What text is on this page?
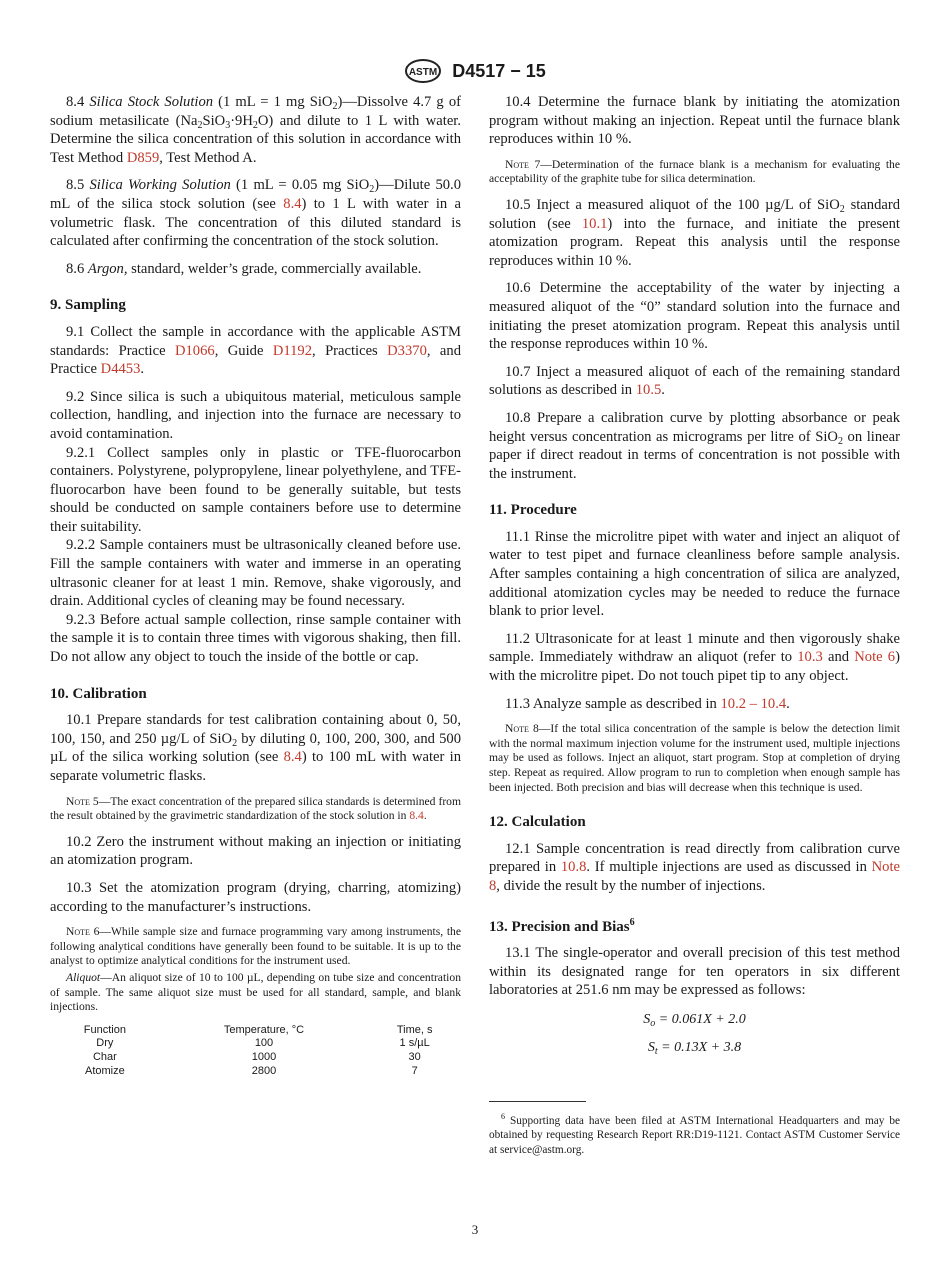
ASTM D4517 − 15

8.4 Silica Stock Solution (1 mL = 1 mg SiO$_2$)—Dissolve 4.7 g of sodium metasilicate $(Na_2SiO_3\cdot 9H_2O)$ and dilute to 1 L with water. Determine the silica concentration of this solution in accordance with Test Method D859, Test Method A.

8.5 Silica Working Solution (1 mL = 0.05 mg SiO$_2$)—Dilute 50.0 mL of the silica stock solution (see 8.4) to 1 L with water in a volumetric flask. The concentration of this diluted standard is calculated after confirming the concentration of the stock solution.

8.6 Argon, standard, welder’s grade, commercially available.

9. Sampling

9.1 Collect the sample in accordance with the applicable ASTM standards: Practice D1066, Guide D1192, Practices D3370, and Practice D4453.

9.2 Since silica is such a ubiquitous material, meticulous sample collection, handling, and injection into the furnace are necessary to avoid contamination.

9.2.1 Collect samples only in plastic or TFE-fluorocarbon containers. Polystyrene, polypropylene, linear polyethylene, and TFE-fluorocarbon have been found to be generally suitable, but tests should be conducted on sample containers before use to determine their suitability.

9.2.2 Sample containers must be ultrasonically cleaned before use. Fill the sample containers with water and immerse in an operating ultrasonic cleaner for at least 1 min. Remove, shake vigorously, and drain. Additional cycles of cleaning may be found necessary.

9.2.3 Before actual sample collection, rinse sample container with the sample it is to contain three times with vigorous shaking, then fill. Do not allow any object to touch the inside of the bottle or cap.

10. Calibration

10.1 Prepare standards for test calibration containing about 0, 50, 100, 150, and 250 µg/L of SiO$_2$ by diluting 0, 100, 200, 300, and 500 µL of the silica working solution (see 8.4) to 100 mL with water in separate volumetric flasks.

Note 5—The exact concentration of the prepared silica standards is determined from the result obtained by the gravimetric standardization of the stock solution in 8.4.

10.2 Zero the instrument without making an injection or initiating an atomization program.

10.3 Set the atomization program (drying, charring, atomizing) according to the manufacturer’s instructions.

Note 6—While sample size and furnace programming vary among instruments, the following analytical conditions have generally been found to be suitable. It is up to the analyst to optimize analytical conditions for the instrument used.
Aliquot—An aliquot size of 10 to 100 µL, depending on tube size and concentration of sample. The same aliquot size must be used for all standard, sample, and blank injections.
Function	Temperature, °C	Time, s
Dry	100	1 s/µL
Char	1000	30
Atomize	2800	7

10.4 Determine the furnace blank by initiating the atomization program without making an injection. Repeat until the furnace blank reproduces within 10 %.

Note 7—Determination of the furnace blank is a mechanism for evaluating the acceptability of the graphite tube for silica determination.

10.5 Inject a measured aliquot of the 100 µg/L of SiO$_2$ standard solution (see 10.1) into the furnace, and initiate the present atomization program. Repeat this analysis until the response reproduces within 10 %.

10.6 Determine the acceptability of the water by injecting a measured aliquot of the “0” standard solution into the furnace and initiating the preset atomization program. Repeat this analysis until the response reproduces within 10 %.

10.7 Inject a measured aliquot of each of the remaining standard solutions as described in 10.5.

10.8 Prepare a calibration curve by plotting absorbance or peak height versus concentration as micrograms per litre of SiO$_2$ on linear paper if direct readout in terms of concentration is not possible with the instrument.

11. Procedure

11.1 Rinse the microlitre pipet with water and inject an aliquot of water to test pipet and furnace cleanliness before sample analysis. After samples containing a high concentration of silica are analyzed, additional atomization cycles may be needed to reduce the furnace blank to prior level.

11.2 Ultrasonicate for at least 1 minute and then vigorously shake sample. Immediately withdraw an aliquot (refer to 10.3 and Note 6) with the microlitre pipet. Do not touch pipet tip to any object.

11.3 Analyze sample as described in 10.2 – 10.4.

Note 8—If the total silica concentration of the sample is below the detection limit with the normal maximum injection volume for the instrument used, multiple injections may be used as follows. Inject an aliquot, start program. Stop at completion of drying step. Repeat as required. Allow program to run to completion when enough sample has been injected. Both precision and bias will decrease when this technique is used.
12. Calculation

12.1 Sample concentration is read directly from calibration curve prepared in 10.8. If multiple injections are used as discussed in Note 8, divide the result by the number of injections.

13. Precision and Bias$^6$

13.1 The single-operator and overall precision of this test method within its designated range for ten operators in six different laboratories at 251.6 nm may be expressed as follows:

$S_o = 0.061X + 2.0$
$S_t = 0.13X + 3.8$

$^6$ Supporting data have been filed at ASTM International Headquarters and may be obtained by requesting Research Report RR:D19-1121. Contact ASTM Customer Service at service@astm.org.

3
